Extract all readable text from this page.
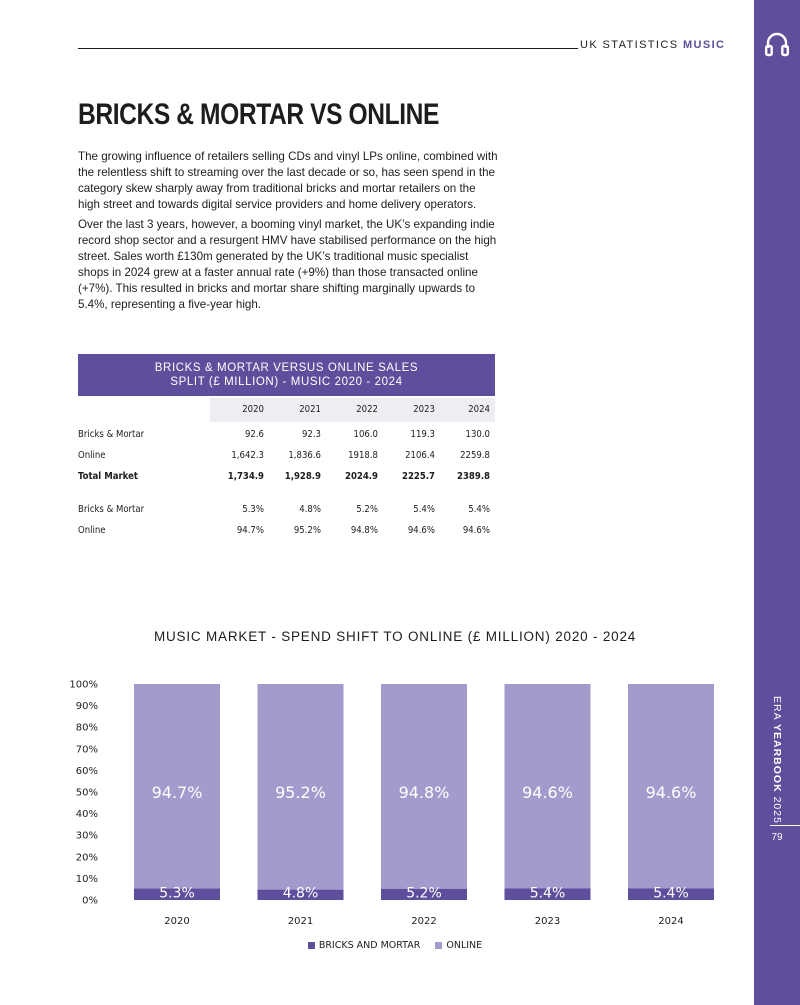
UK STATISTICS MUSIC
ERA YEARBOOK 2025
79
BRICKS & MORTAR VS ONLINE

The growing influence of retailers selling CDs and vinyl LPs online, combined with the relentless shift to streaming over the last decade or so, has seen spend in the category skew sharply away from traditional bricks and mortar retailers on the high street and towards digital service providers and home delivery operators.

Over the last 3 years, however, a booming vinyl market, the UK’s expanding indie record shop sector and a resurgent HMV have stabilised performance on the high street. Sales worth £130m generated by the UK’s traditional music specialist shops in 2024 grew at a faster annual rate (+9%) than those transacted online (+7%). This resulted in bricks and mortar share shifting marginally upwards to 5.4%, representing a five-year high.

BRICKS & MORTAR VERSUS ONLINE SALES
SPLIT (£ MILLION) - MUSIC 2020 - 2024
2020	2021	2022	2023	2024
Bricks & Mortar	92.6	92.3	106.0	119.3	130.0
Online	1,642.3	1,836.6	1918.8	2106.4	2259.8
Total Market	1,734.9	1,928.9	2024.9	2225.7	2389.8
Bricks & Mortar	5.3%	4.8%	5.2%	5.4%	5.4%
Online	94.7%	95.2%	94.8%	94.6%	94.6%
MUSIC MARKET - SPEND SHIFT TO ONLINE (£ MILLION) 2020 - 2024
0%
10%
20%
30%
40%
50%
60%
70%
80%
90%
100%
94.7%
5.3%
2020
95.2%
4.8%
2021
94.8%
5.2%
2022
94.6%
5.4%
2023
94.6%
5.4%
2024
BRICKS AND MORTAR	ONLINE
